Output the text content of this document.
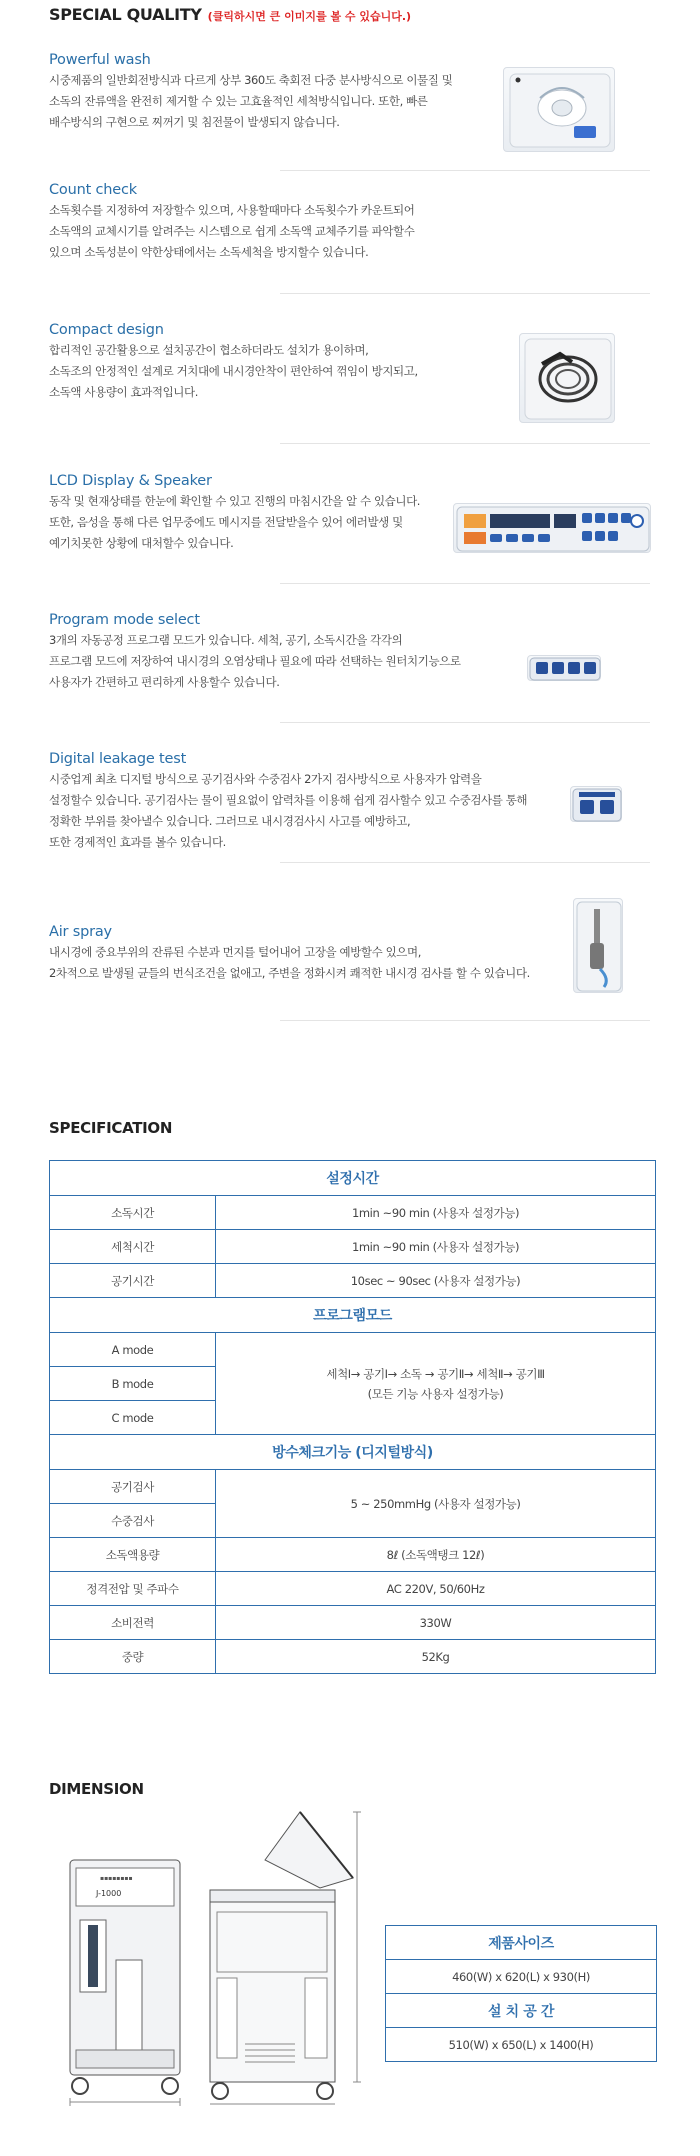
SPECIAL QUALITY (클릭하시면 큰 이미지를 볼 수 있습니다.)
Powerful wash
시중제품의 일반회전방식과 다르게 상부 360도 축회전 다중 분사방식으로 이물질 및
소독의 잔류액을 완전히 제거할 수 있는 고효율적인 세척방식입니다. 또한, 빠른
배수방식의 구현으로 찌꺼기 및 침전물이 발생되지 않습니다.
Count check
소독횟수를 지정하여 저장할수 있으며, 사용할때마다 소독횟수가 카운트되어
소독액의 교체시기를 알려주는 시스템으로 쉽게 소독액 교체주기를 파악할수
있으며 소독성분이 약한상태에서는 소독세척을 방지할수 있습니다.
Compact design
합리적인 공간활용으로 설치공간이 협소하더라도 설치가 용이하며,
소독조의 안정적인 설계로 거치대에 내시경안착이 편안하여 꺾임이 방지되고,
소독액 사용량이 효과적입니다.
LCD Display & Speaker
동작 및 현재상태를 한눈에 확인할 수 있고 진행의 마침시간을 알 수 있습니다.
또한, 음성을 통해 다른 업무중에도 메시지를 전달받을수 있어 에러발생 및
예기치못한 상황에 대처할수 있습니다.
Program mode select
3개의 자동공정 프로그램 모드가 있습니다. 세척, 공기, 소독시간을 각각의
프로그램 모드에 저장하여 내시경의 오염상태나 필요에 따라 선택하는 원터치기능으로
사용자가 간편하고 편리하게 사용할수 있습니다.
Digital leakage test
시중업계 최초 디지털 방식으로 공기검사와 수중검사 2가지 검사방식으로 사용자가 압력을
설정할수 있습니다. 공기검사는 물이 필요없이 압력차를 이용해 쉽게 검사할수 있고 수중검사를 통해
정확한 부위를 찾아낼수 있습니다. 그러므로 내시경검사시 사고를 예방하고,
또한 경제적인 효과를 볼수 있습니다.
Air spray
내시경에 중요부위의 잔류된 수분과 먼지를 털어내어 고장을 예방할수 있으며,
2차적으로 발생될 균들의 번식조건을 없애고, 주변을 정화시켜 쾌적한 내시경 검사를 할 수 있습니다.
SPECIFICATION
설정시간	
소독시간	1min ~90 min (사용자 설정가능)
세척시간	1min ~90 min (사용자 설정가능)
공기시간	10sec ~ 90sec (사용자 설정가능)
프로그램모드	
A mode	세척Ⅰ→ 공기Ⅰ→ 소독 → 공기Ⅱ→ 세척Ⅱ→ 공기Ⅲ
(모든 기능 사용자 설정가능)

B mode	
C mode	
방수체크기능 (디지털방식)	
공기검사	5 ~ 250mmHg (사용자 설정가능)
수중검사	
소독액용량	8ℓ (소독액탱크 12ℓ)
정격전압 및 주파수	AC 220V, 50/60Hz
소비전력	330W
중량	52Kg
DIMENSION
▪▪▪▪▪▪▪▪
J-1000
제품사이즈
460(W) x 620(L) x 930(H)
설 치 공 간
510(W) x 650(L) x 1400(H)
